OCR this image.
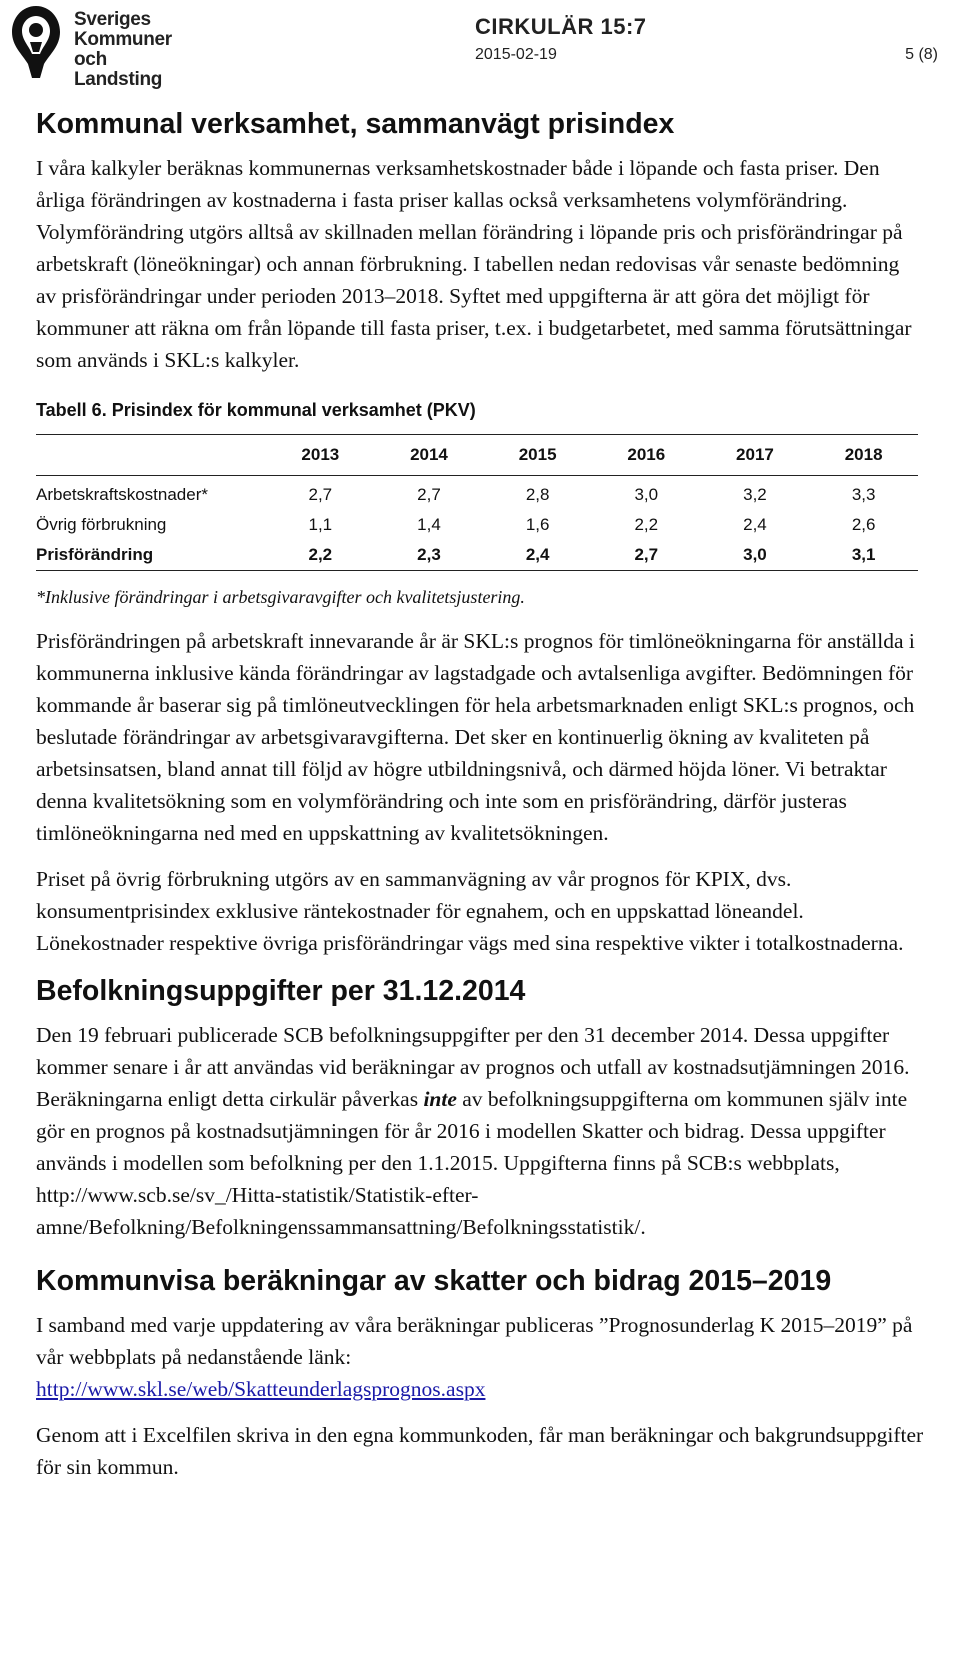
Sveriges
Kommuner
och Landsting
CIRKULÄR 15:7
2015-02-19	5 (8)
Kommunal verksamhet, sammanvägt prisindex

I våra kalkyler beräknas kommunernas verksamhetskostnader både i löpande och fasta priser. Den årliga förändringen av kostnaderna i fasta priser kallas också verksamhetens volymförändring. Volymförändring utgörs alltså av skillnaden mellan förändring i löpande pris och prisförändringar på arbetskraft (löneökningar) och annan förbrukning. I tabellen nedan redovisas vår senaste bedömning av prisförändringar under perioden 2013–2018. Syftet med uppgifterna är att göra det möjligt för kommuner att räkna om från löpande till fasta priser, t.ex. i budgetarbetet, med samma förutsättningar som används i SKL:s kalkyler.

Tabell 6. Prisindex för kommunal verksamhet (PKV)
	2013	2014	2015	2016	2017	2018
Arbetskraftskostnader*	2,7	2,7	2,8	3,0	3,2	3,3
Övrig förbrukning	1,1	1,4	1,6	2,2	2,4	2,6
Prisförändring	2,2	2,3	2,4	2,7	3,0	3,1
*Inklusive förändringar i arbetsgivaravgifter och kvalitetsjustering.

Prisförändringen på arbetskraft innevarande år är SKL:s prognos för timlöneökningarna för anställda i kommunerna inklusive kända förändringar av lagstadgade och avtalsenliga avgifter. Bedömningen för kommande år baserar sig på timlöneutvecklingen för hela arbetsmarknaden enligt SKL:s prognos, och beslutade förändringar av arbetsgivaravgifterna. Det sker en kontinuerlig ökning av kvaliteten på arbetsinsatsen, bland annat till följd av högre utbildningsnivå, och därmed höjda löner. Vi betraktar denna kvalitetsökning som en volymförändring och inte som en prisförändring, därför justeras timlöneökningarna ned med en uppskattning av kvalitetsökningen.

Priset på övrig förbrukning utgörs av en sammanvägning av vår prognos för KPIX, dvs. konsumentprisindex exklusive räntekostnader för egnahem, och en uppskattad löneandel. Lönekostnader respektive övriga prisförändringar vägs med sina respektive vikter i totalkostnaderna.

Befolkningsuppgifter per 31.12.2014

Den 19 februari publicerade SCB befolkningsuppgifter per den 31 december 2014. Dessa uppgifter kommer senare i år att användas vid beräkningar av prognos och utfall av kostnadsutjämningen 2016. Beräkningarna enligt detta cirkulär påverkas inte av befolkningsuppgifterna om kommunen själv inte gör en prognos på kostnadsutjämningen för år 2016 i modellen Skatter och bidrag. Dessa uppgifter används i modellen som befolkning per den 1.1.2015. Uppgifterna finns på SCB:s webbplats, http://www.scb.se/sv_/Hitta-statistik/Statistik-efter-amne/Befolkning/Befolkningenssammansattning/Befolkningsstatistik/.

Kommunvisa beräkningar av skatter och bidrag 2015–2019

I samband med varje uppdatering av våra beräkningar publiceras ”Prognosunderlag K 2015–2019” på vår webbplats på nedanstående länk:
http://www.skl.se/web/Skatteunderlagsprognos.aspx

Genom att i Excelfilen skriva in den egna kommunkoden, får man beräkningar och bakgrundsuppgifter för sin kommun.
